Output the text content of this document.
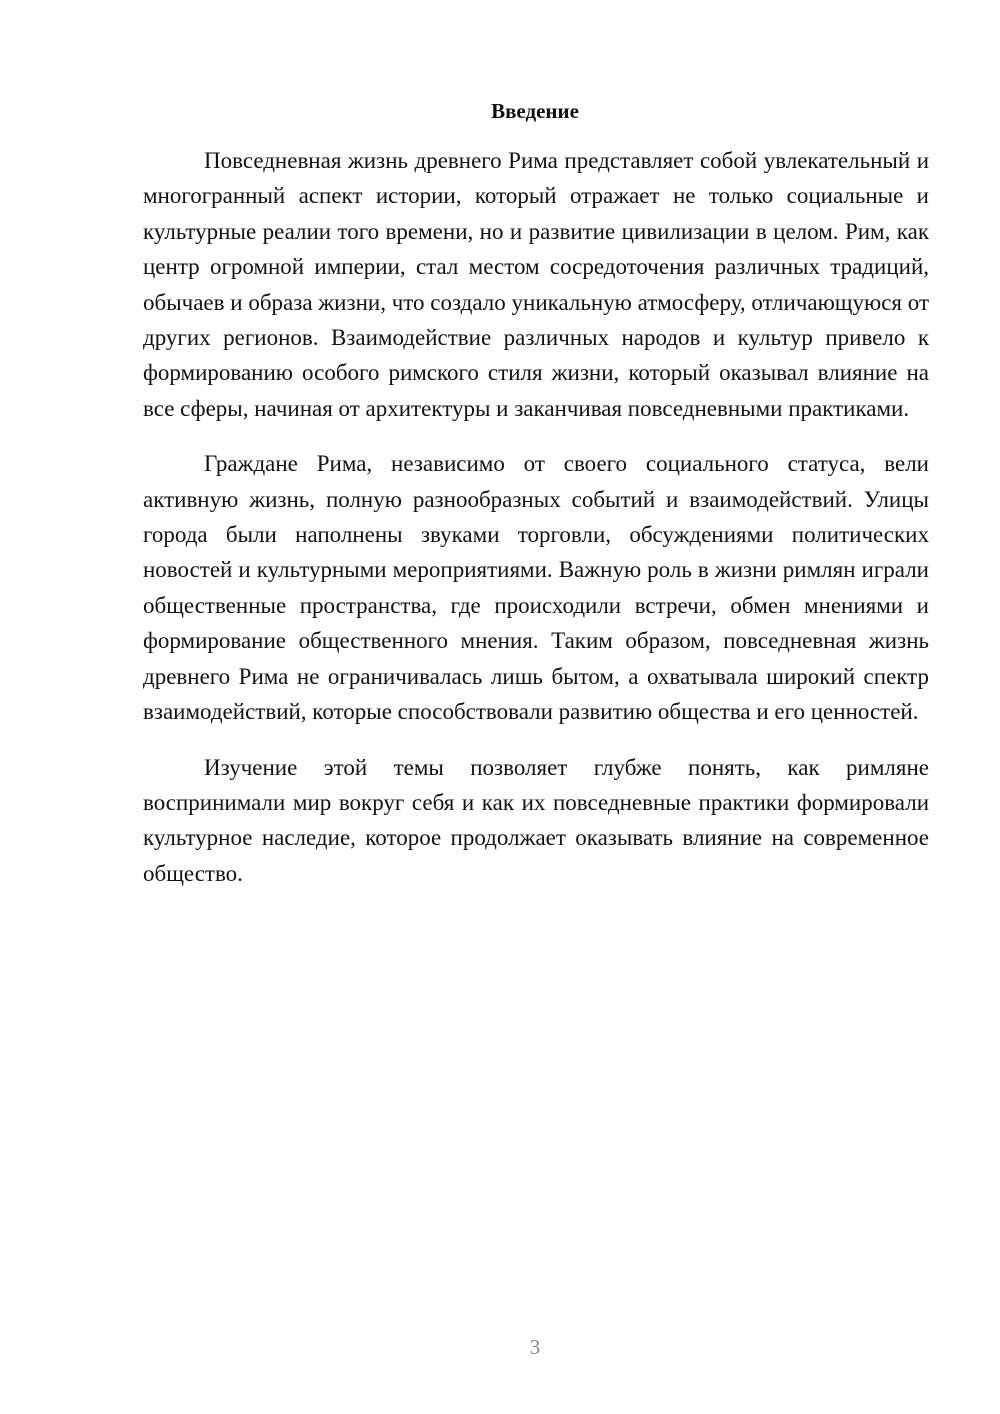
Введение

Повседневная жизнь древнего Рима представляет собой увлекательный и многогранный аспект истории, который отражает не только социальные и культурные реалии того времени, но и развитие цивилизации в целом. Рим, как центр огромной империи, стал местом сосредоточения различных традиций, обычаев и образа жизни, что создало уникальную атмосферу, отличающуюся от других регионов. Взаимодействие различных народов и культур привело к формированию особого римского стиля жизни, который оказывал влияние на все сферы, начиная от архитектуры и заканчивая повседневными практиками.

Граждане Рима, независимо от своего социального статуса, вели активную жизнь, полную разнообразных событий и взаимодействий. Улицы города были наполнены звуками торговли, обсуждениями политических новостей и культурными мероприятиями. Важную роль в жизни римлян играли общественные пространства, где происходили встречи, обмен мнениями и формирование общественного мнения. Таким образом, повседневная жизнь древнего Рима не ограничивалась лишь бытом, а охватывала широкий спектр взаимодействий, которые способствовали развитию общества и его ценностей.

Изучение этой темы позволяет глубже понять, как римляне воспринимали мир вокруг себя и как их повседневные практики формировали культурное наследие, которое продолжает оказывать влияние на современное общество.

3
